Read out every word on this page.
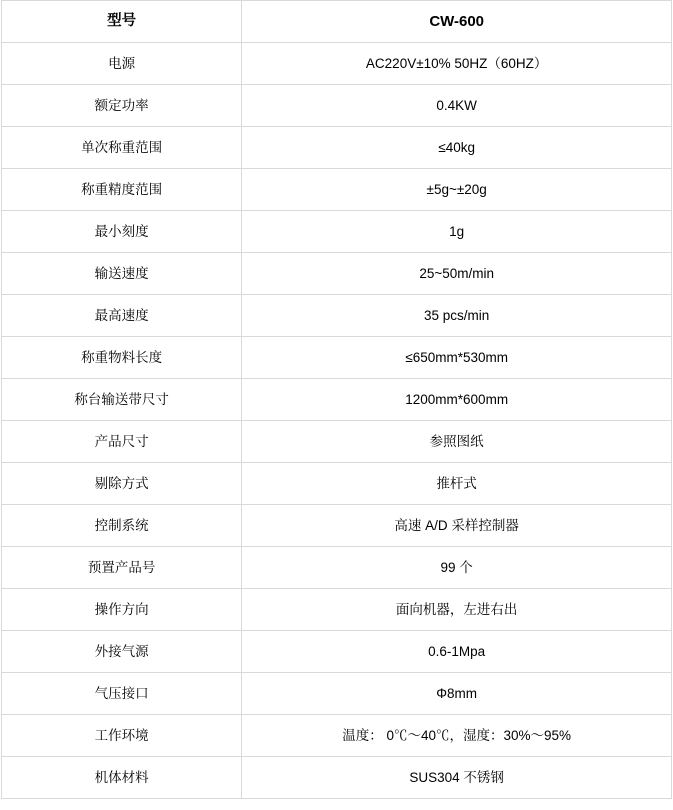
型号	CW-600
电源	AC220V±10% 50HZ（60HZ）
额定功率	0.4KW
单次称重范围	≤40kg
称重精度范围	±5g~±20g
最小刻度	1g
输送速度	25~50m/min
最高速度	35 pcs/min
称重物料长度	≤650mm*530mm
称台输送带尺寸	1200mm*600mm
产品尺寸	参照图纸
剔除方式	推杆式
控制系统	高速 A/D 采样控制器
预置产品号	99 个
操作方向	面向机器，左进右出
外接气源	0.6-1Mpa
气压接口	Φ8mm
工作环境	温度： 0℃～40℃，湿度：30%～95%
机体材料	SUS304 不锈钢
